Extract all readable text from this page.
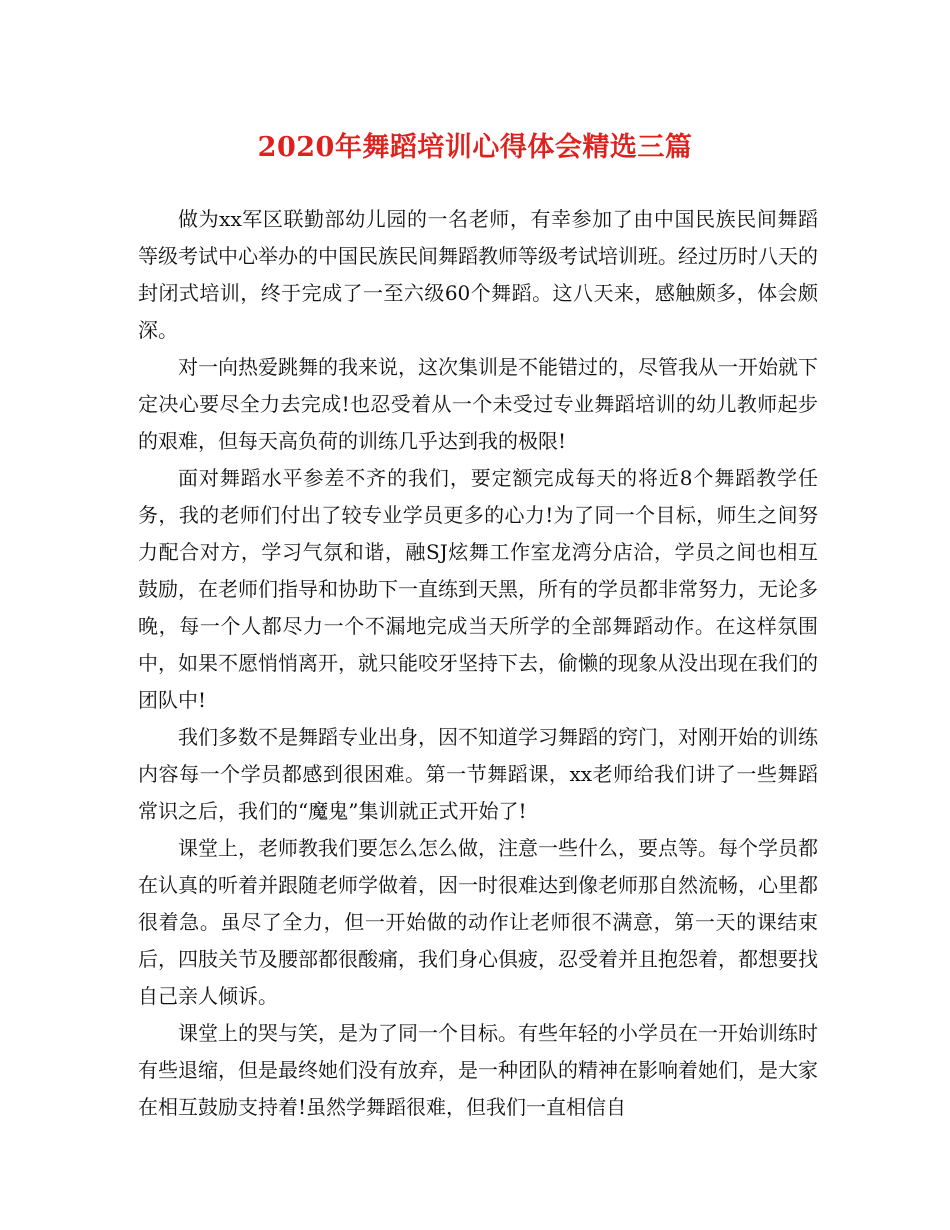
2020年舞蹈培训心得体会精选三篇

做为xx军区联勤部幼儿园的一名老师，有幸参加了由中国民族民间舞蹈等级考试中心举办的中国民族民间舞蹈教师等级考试培训班。经过历时八天的封闭式培训，终于完成了一至六级60个舞蹈。这八天来，感触颇多，体会颇深。

对一向热爱跳舞的我来说，这次集训是不能错过的，尽管我从一开始就下定决心要尽全力去完成!也忍受着从一个未受过专业舞蹈培训的幼儿教师起步的艰难，但每天高负荷的训练几乎达到我的极限!

面对舞蹈水平参差不齐的我们，要定额完成每天的将近8个舞蹈教学任务，我的老师们付出了较专业学员更多的心力!为了同一个目标，师生之间努力配合对方，学习气氛和谐，融SJ炫舞工作室龙湾分店洽，学员之间也相互鼓励，在老师们指导和协助下一直练到天黑，所有的学员都非常努力，无论多晚，每一个人都尽力一个不漏地完成当天所学的全部舞蹈动作。在这样氛围中，如果不愿悄悄离开，就只能咬牙坚持下去，偷懒的现象从没出现在我们的团队中!

我们多数不是舞蹈专业出身，因不知道学习舞蹈的窍门，对刚开始的训练内容每一个学员都感到很困难。第一节舞蹈课，xx老师给我们讲了一些舞蹈常识之后，我们的“魔鬼”集训就正式开始了!

课堂上，老师教我们要怎么怎么做，注意一些什么，要点等。每个学员都在认真的听着并跟随老师学做着，因一时很难达到像老师那自然流畅，心里都很着急。虽尽了全力，但一开始做的动作让老师很不满意，第一天的课结束后，四肢关节及腰部都很酸痛，我们身心俱疲，忍受着并且抱怨着，都想要找自己亲人倾诉。

课堂上的哭与笑，是为了同一个目标。有些年轻的小学员在一开始训练时有些退缩，但是最终她们没有放弃，是一种团队的精神在影响着她们，是大家在相互鼓励支持着!虽然学舞蹈很难，但我们一直相信自
